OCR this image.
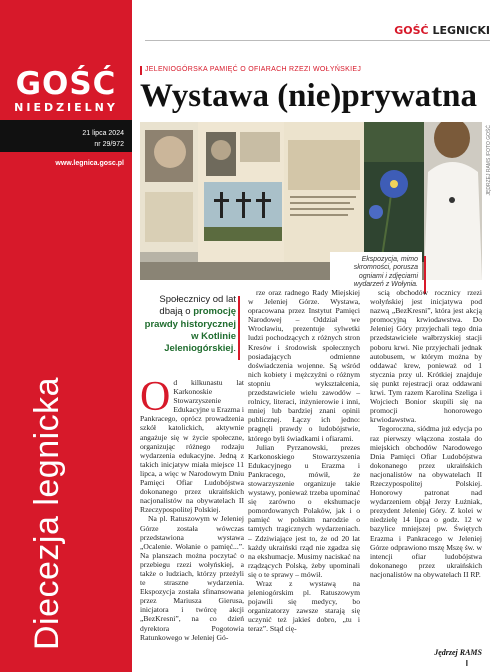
GOŚĆ
NIEDZIELNY
21 lipca 2024
nr 29/972
www.legnica.gosc.pl
Diecezja legnicka
GOŚĆ LEGNICKI
JELENIOGÓRSKA PAMIĘĆ O OFIARACH RZEZI WOŁYŃSKIEJ
Wystawa (nie)prywatna
JĘDRZEJ RAMS /FOTO GOŚĆ
Ekspozycja, mimo skromności, porusza ogniami i zdjęciami wydarzeń z Wołynia.
Społecznicy od lat dbają o promocję prawdy historycznej w Kotlinie Jeleniogórskiej.

Od kilkunastu lat Karkonoskie Stowarzyszenie Edukacyjne u Erazma i Pankracego, oprócz prowadzenia szkół katolickich, aktywnie angażuje się w życie społeczne, organizując różnego rodzaju wydarzenia edukacyjne. Jedną z takich inicjatyw miała miejsce 11 lipca, a więc w Narodowym Dniu Pamięci Ofiar Ludobójstwa dokonanego przez ukraińskich nacjonalistów na obywatelach II Rzeczypospolitej Polskiej.

Na pl. Ratuszowym w Jeleniej Górze została wówczas przedstawiona wystawa „Ocalenie. Wołanie o pamięć...”. Na planszach można poczytać o przebiegu rzezi wołyńskiej, a także o ludziach, którzy przeżyli te straszne wydarzenia. Ekspozycja została sfinansowana przez Mariusza Gierusa, inicjatora i twórcę akcji „BezKresni”, na co dzień dyrektora Pogotowia Ratunkowego w Jeleniej Gó-

rze oraz radnego Rady Miejskiej w Jeleniej Górze. Wystawa, opracowana przez Instytut Pamięci Narodowej – Oddział we Wrocławiu, prezentuje sylwetki ludzi pochodzących z różnych stron Kresów i środowisk społecznych posiadających odmienne doświadczenia wojenne. Są wśród nich kobiety i mężczyźni o różnym stopniu wykształcenia, przedstawiciele wielu zawodów – rolnicy, literaci, inżynierowie i inni, mniej lub bardziej znani opinii publicznej. Łączy ich jedno: pragnęli prawdy o ludobójstwie, którego byli świadkami i ofiarami.

Julian Pyrzanowski, prezes Karkonoskiego Stowarzyszenia Edukacyjnego u Erazma i Pankracego, mówił, że stowarzyszenie organizuje takie wystawy, ponieważ trzeba upominać się zarówno o ekshumacje pomordowanych Polaków, jak i o pamięć w polskim narodzie o tamtych tragicznych wydarzeniach. – Zdziwiające jest to, że od 20 lat każdy ukraiński rząd nie zgadza się na ekshumacje. Musimy naciskać na rządzących Polską, żeby upominali się o te sprawy – mówił.

Wraz z wystawą na jeleniogórskim pl. Ratuszowym pojawili się medycy, bo organizatorzy zawsze starają się uczynić też jakieś dobro, „tu i teraz”. Stąd cię-

scią obchodów rocznicy rzezi wołyńskiej jest inicjatywa pod nazwą „BezKresni”, która jest akcją promocyjną krwiodawstwa. Do Jeleniej Góry przyjechali tego dnia przedstawiciele wałbrzyskiej stacji poboru krwi. Nie przyjechali jednak autobusem, w którym można by oddawać krew, ponieważ od 1 stycznia przy ul. Krótkiej znajduje się punkt rejestracji oraz oddawani krwi. Tym razem Karolina Szeliga i Wojciech Bonior skupili się na promocji honorowego krwiodawstwa.

Tegoroczna, siódma już edycja po raz pierwszy włączona została do miejskich obchodów Narodowego Dnia Pamięci Ofiar Ludobójstwa dokonanego przez ukraińskich nacjonalistów na obywatelach II Rzeczypospolitej Polskiej. Honorowy patronat nad wydarzeniem objął Jerzy Łużniak, prezydent Jeleniej Góry. Z kolei w niedzielę 14 lipca o godz. 12 w bazylice mniejszej pw. Świętych Erazma i Pankracego w Jeleniej Górze odprawiono mszę Mszę św. w intencji ofiar ludobójstwa dokonanego przez ukraińskich nacjonalistów na obywatelach II RP.

Jędrzej RAMS
I
